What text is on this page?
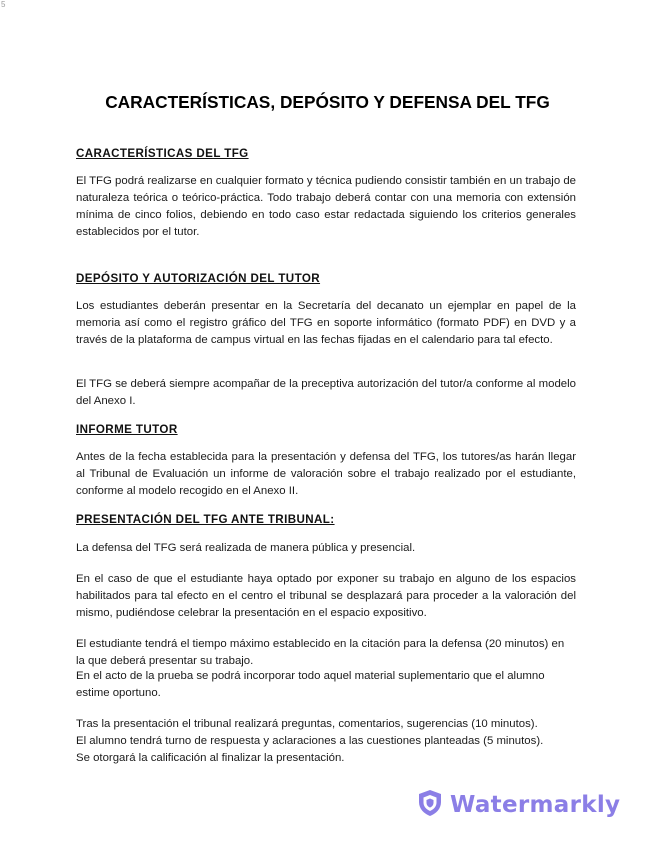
5
CARACTERÍSTICAS, DEPÓSITO Y DEFENSA DEL TFG
CARACTERÍSTICAS DEL TFG

El TFG podrá realizarse en cualquier formato y técnica pudiendo consistir también en un trabajo de naturaleza teórica o teórico-práctica. Todo trabajo deberá contar con una memoria con extensión mínima de cinco folios, debiendo en todo caso estar redactada siguiendo los criterios generales establecidos por el tutor.

DEPÓSITO Y AUTORIZACIÓN DEL TUTOR

Los estudiantes deberán presentar en la Secretaría del decanato un ejemplar en papel de la memoria así como el registro gráfico del TFG en soporte informático (formato PDF) en DVD y a través de la plataforma de campus virtual en las fechas fijadas en el calendario para tal efecto.

El TFG se deberá siempre acompañar de la preceptiva autorización del tutor/a conforme al modelo del Anexo I.

INFORME TUTOR

Antes de la fecha establecida para la presentación y defensa del TFG, los tutores/as harán llegar al Tribunal de Evaluación un informe de valoración sobre el trabajo realizado por el estudiante, conforme al modelo recogido en el Anexo II.

PRESENTACIÓN DEL TFG ANTE TRIBUNAL:

La defensa del TFG será realizada de manera pública y presencial.

En el caso de que el estudiante haya optado por exponer su trabajo en alguno de los espacios habilitados para tal efecto en el centro el tribunal se desplazará para proceder a la valoración del mismo, pudiéndose celebrar la presentación en el espacio expositivo.

El estudiante tendrá el tiempo máximo establecido en la citación para la defensa (20 minutos) en la que deberá presentar su trabajo.

En el acto de la prueba se podrá incorporar todo aquel material suplementario que el alumno estime oportuno.

Tras la presentación el tribunal realizará preguntas, comentarios, sugerencias (10 minutos).

El alumno tendrá turno de respuesta y aclaraciones a las cuestiones planteadas (5 minutos).

Se otorgará la calificación al finalizar la presentación.

Watermarkly
